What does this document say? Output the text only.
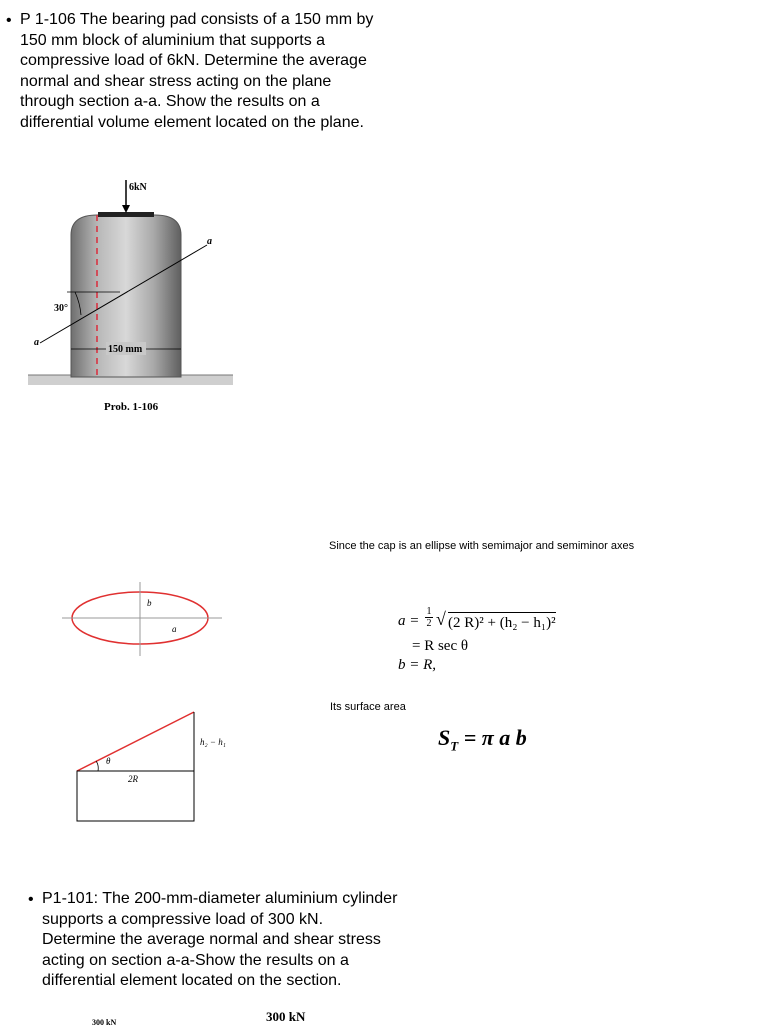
• P 1-106 The bearing pad consists of a 150 mm by 150 mm block of aluminium that supports a compressive load of 6kN. Determine the average normal and shear stress acting on the plane through section a-a. Show the results on a differential volume element located on the plane.
6kN
a
a
30°
150 mm
Prob. 1-106
Since the cap is an ellipse with semimajor and semiminor axes
b
a	$a = \frac{1}{2}$ √ (2 R)² + (h₂ − h₁)²
= R sec θ
b = R,
Its surface area
$S_T = \pi$ a b
θ
2R
h₂ − h₁
• P1-101: The 200-mm-diameter aluminium cylinder supports a compressive load of 300 kN. Determine the average normal and shear stress acting on section a-a-Show the results on a differential element located on the section.
300 kN
300 kN
